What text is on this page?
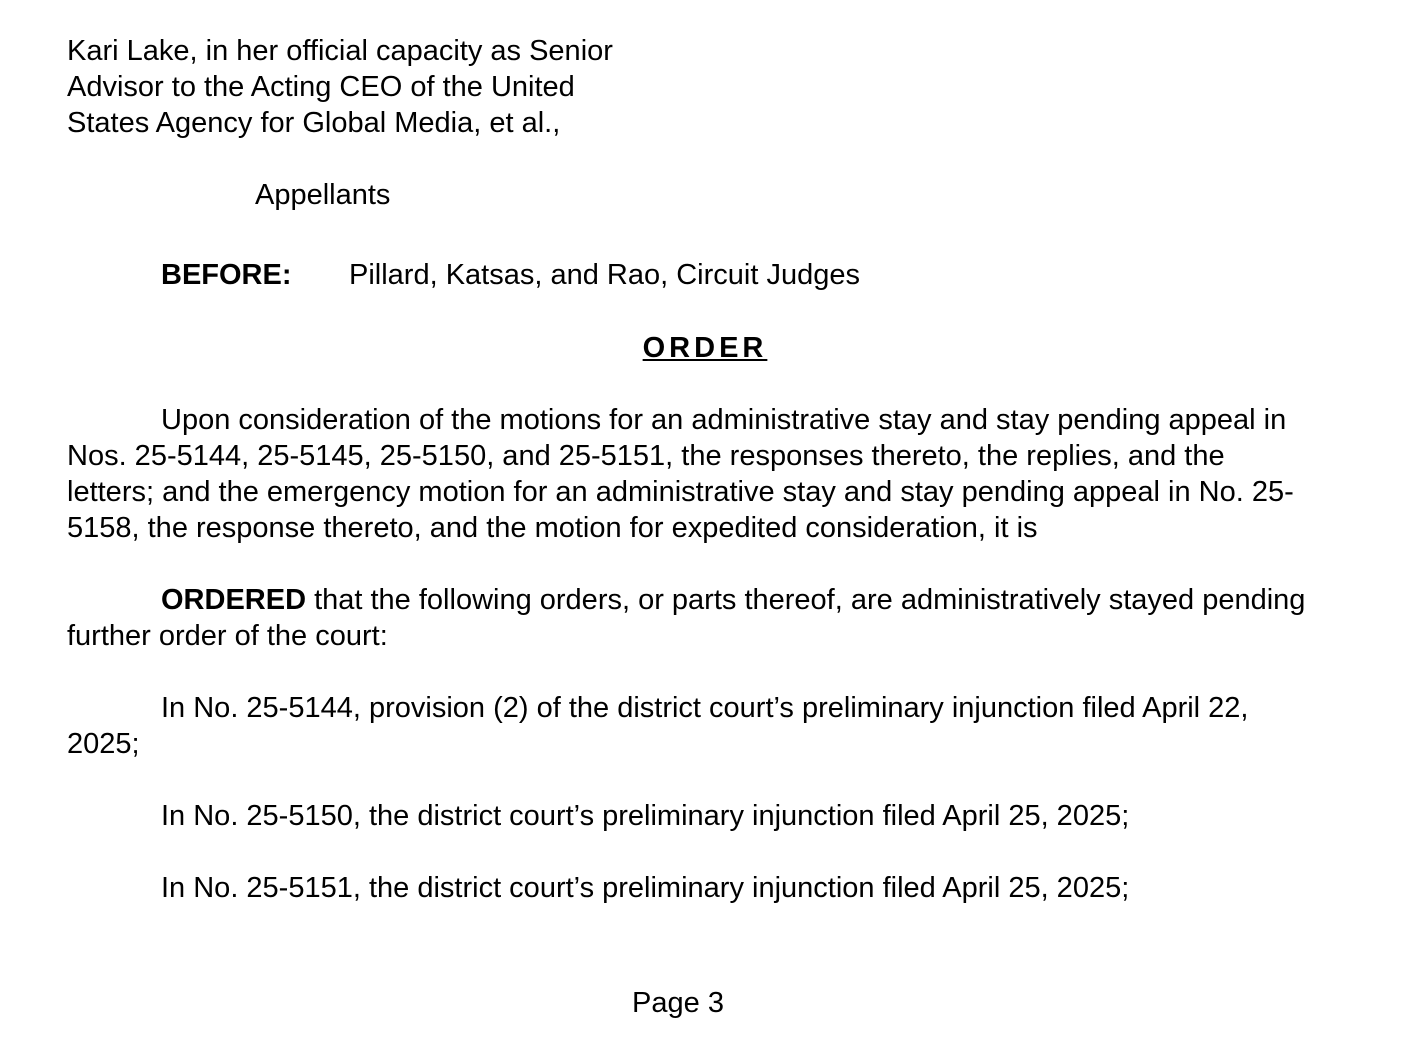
Kari Lake, in her official capacity as Senior
Advisor to the Acting CEO of the United
States Agency for Global Media, et al.,
Appellants
BEFORE: Pillard, Katsas, and Rao, Circuit Judges
ORDER

Upon consideration of the motions for an administrative stay and stay pending appeal in Nos. 25-5144, 25-5145, 25-5150, and 25-5151, the responses thereto, the replies, and the letters; and the emergency motion for an administrative stay and stay pending appeal in No. 25-5158, the response thereto, and the motion for expedited consideration, it is

ORDERED that the following orders, or parts thereof, are administratively stayed pending further order of the court:

In No. 25-5144, provision (2) of the district court’s preliminary injunction filed April 22, 2025;

In No. 25-5150, the district court’s preliminary injunction filed April 25, 2025;

In No. 25-5151, the district court’s preliminary injunction filed April 25, 2025;

Page 3
